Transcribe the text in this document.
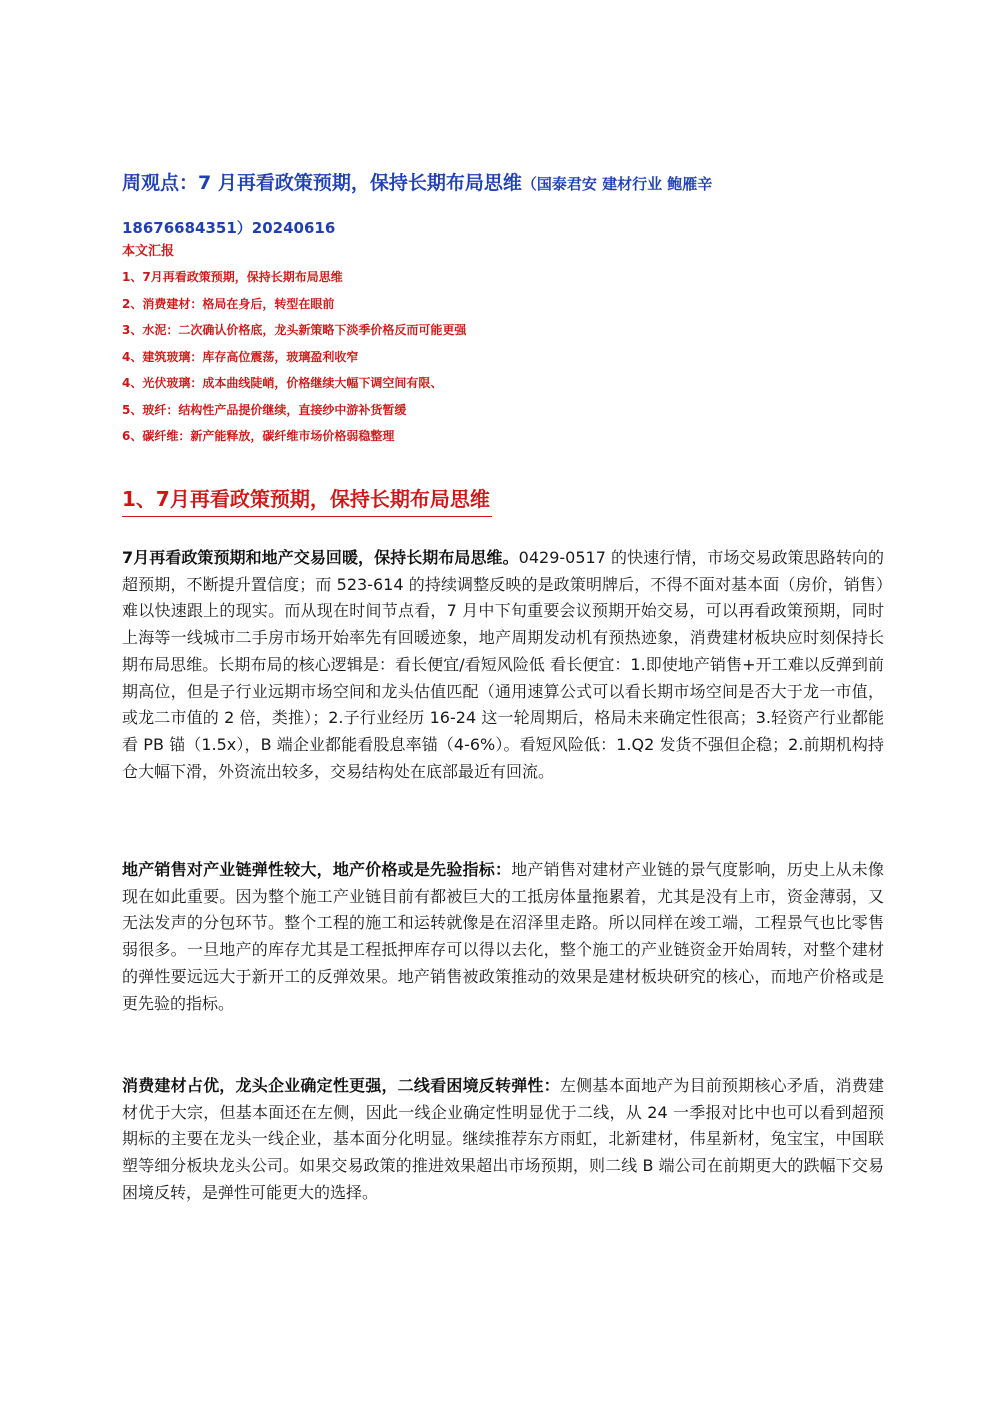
周观点：7 月再看政策预期，保持长期布局思维（国泰君安 建材行业 鲍雁辛
18676684351）20240616
本文汇报
1、7月再看政策预期，保持长期布局思维
2、消费建材：格局在身后，转型在眼前
3、水泥：二次确认价格底，龙头新策略下淡季价格反而可能更强
4、建筑玻璃：库存高位震荡，玻璃盈利收窄
4、光伏玻璃：成本曲线陡峭，价格继续大幅下调空间有限、
5、玻纤：结构性产品提价继续，直接纱中游补货暂缓
6、碳纤维：新产能释放，碳纤维市场价格弱稳整理
1、7月再看政策预期，保持长期布局思维

7月再看政策预期和地产交易回暖，保持长期布局思维。0429-0517 的快速行情，市场交易政策思路转向的超预期，不断提升置信度；而 523-614 的持续调整反映的是政策明牌后，不得不面对基本面（房价，销售）难以快速跟上的现实。而从现在时间节点看，7 月中下旬重要会议预期开始交易，可以再看政策预期，同时上海等一线城市二手房市场开始率先有回暖迹象，地产周期发动机有预热迹象，消费建材板块应时刻保持长期布局思维。长期布局的核心逻辑是：看长便宜/看短风险低 看长便宜：1.即使地产销售+开工难以反弹到前期高位，但是子行业远期市场空间和龙头估值匹配（通用速算公式可以看长期市场空间是否大于龙一市值，或龙二市值的 2 倍，类推）；2.子行业经历 16-24 这一轮周期后，格局未来确定性很高；3.轻资产行业都能看 PB 锚（1.5x），B 端企业都能看股息率锚（4-6%）。看短风险低：1.Q2 发货不强但企稳；2.前期机构持仓大幅下滑，外资流出较多，交易结构处在底部最近有回流。

地产销售对产业链弹性较大，地产价格或是先验指标：地产销售对建材产业链的景气度影响，历史上从未像现在如此重要。因为整个施工产业链目前有都被巨大的工抵房体量拖累着，尤其是没有上市，资金薄弱，又无法发声的分包环节。整个工程的施工和运转就像是在沼泽里走路。所以同样在竣工端，工程景气也比零售弱很多。一旦地产的库存尤其是工程抵押库存可以得以去化，整个施工的产业链资金开始周转，对整个建材的弹性要远远大于新开工的反弹效果。地产销售被政策推动的效果是建材板块研究的核心，而地产价格或是更先验的指标。

消费建材占优，龙头企业确定性更强，二线看困境反转弹性：左侧基本面地产为目前预期核心矛盾，消费建材优于大宗，但基本面还在左侧，因此一线企业确定性明显优于二线，从 24 一季报对比中也可以看到超预期标的主要在龙头一线企业，基本面分化明显。继续推荐东方雨虹，北新建材，伟星新材，兔宝宝，中国联塑等细分板块龙头公司。如果交易政策的推进效果超出市场预期，则二线 B 端公司在前期更大的跌幅下交易困境反转，是弹性可能更大的选择。
